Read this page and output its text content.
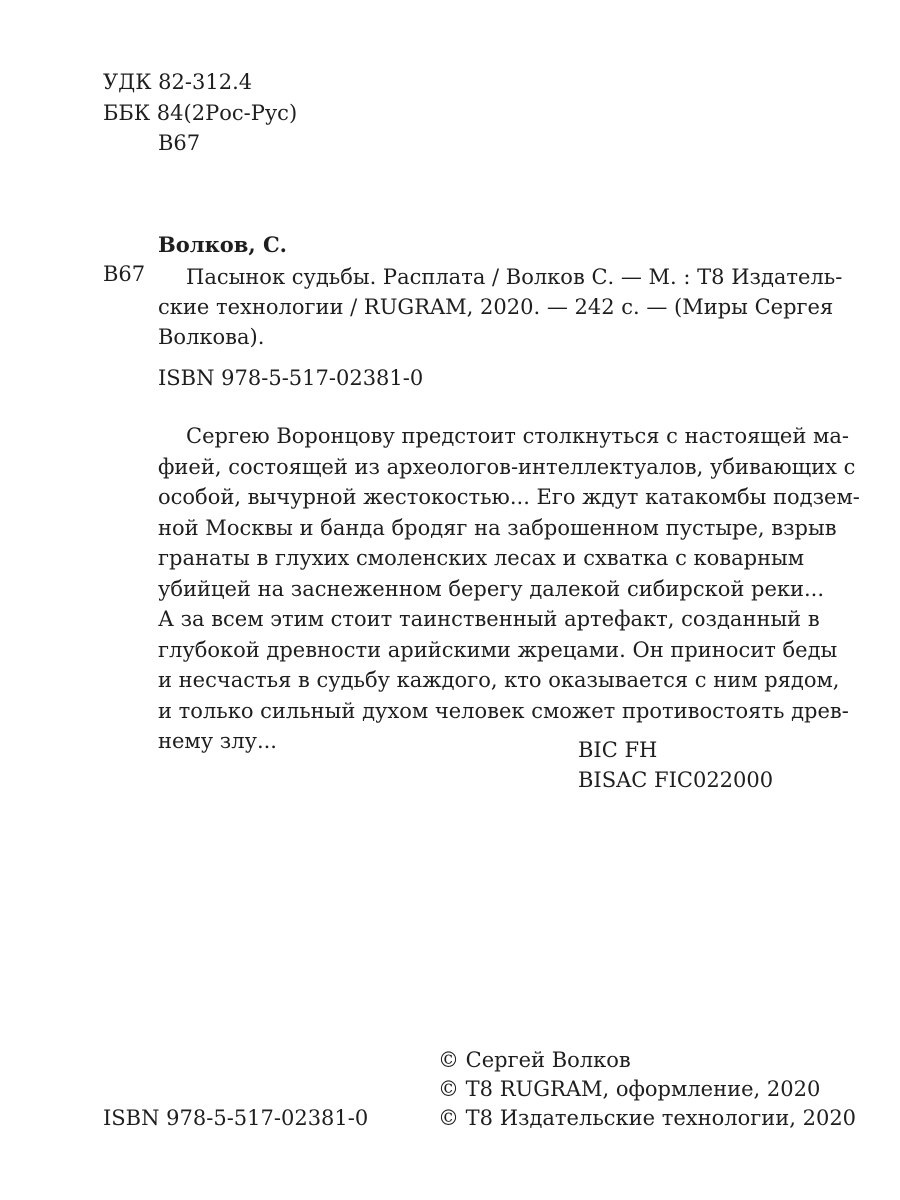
УДК 82-312.4
ББК 84(2Рос-Рус)
В67
Волков, С.
В67	Пасынок судьбы. Расплата / Волков С. — М. : Т8 Издатель-
ские технологии / RUGRAM, 2020. — 242 с. — (Миры Сергея
Волкова).
ISBN 978-5-517-02381-0
Сергею Воронцову предстоит столкнуться с настоящей ма-
фией, состоящей из археологов-интеллектуалов, убивающих с
особой, вычурной жестокостью... Его ждут катакомбы подзем-
ной Москвы и банда бродяг на заброшенном пустыре, взрыв
гранаты в глухих смоленских лесах и схватка с коварным
убийцей на заснеженном берегу далекой сибирской реки...
А за всем этим стоит таинственный артефакт, созданный в
глубокой древности арийскими жрецами. Он приносит беды
и несчастья в судьбу каждого, кто оказывается с ним рядом,
и только сильный духом человек сможет противостоять древ-
нему злу...	BIC FH
BISAC FIC022000
ISBN 978-5-517-02381-0
© Сергей Волков
© Т8 RUGRAM, оформление, 2020
© Т8 Издательские технологии, 2020
